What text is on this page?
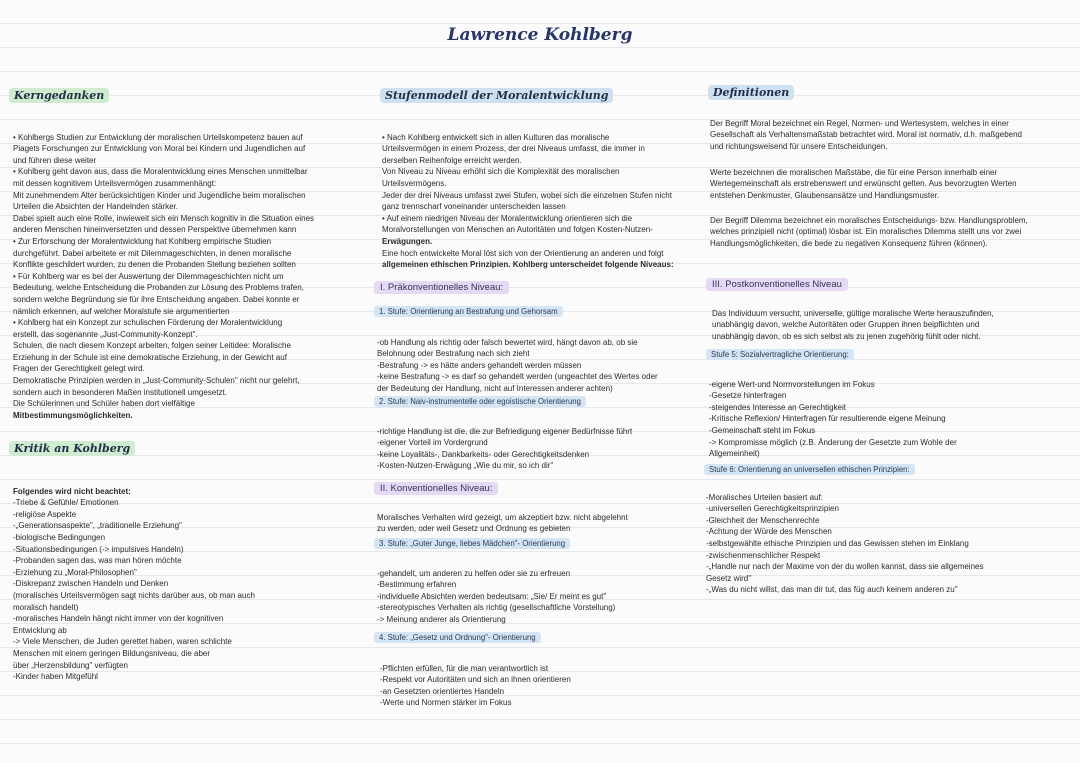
Lawrence Kohlberg
Kerngedanken

• Kohlbergs Studien zur Entwicklung der moralischen Urteilskompetenz bauen auf
Piagets Forschungen zur Entwicklung von Moral bei Kindern und Jugendlichen auf
und führen diese weiter
• Kohlberg geht davon aus, dass die Moralentwicklung eines Menschen unmittelbar
mit dessen kognitivem Urteilsvermögen zusammenhängt:
Mit zunehmendem Alter berücksichtigen Kinder und Jugendliche beim moralischen
Urteilen die Absichten der Handelnden stärker.
Dabei spielt auch eine Rolle, inwieweit sich ein Mensch kognitiv in die Situation eines
anderen Menschen hineinversetzten und dessen Perspektive übernehmen kann
• Zur Erforschung der Moralentwicklung hat Kohlberg empirische Studien
durchgeführt. Dabei arbeitete er mit Dilemmageschichten, in denen moralische
Konflikte geschildert wurden, zu denen die Probanden Stellung beziehen sollten
• Für Kohlberg war es bei der Auswertung der Dilemmageschichten nicht um
Bedeutung, welche Entscheidung die Probanden zur Lösung des Problems trafen,
sondern welche Begründung sie für ihre Entscheidung angaben. Dabei konnte er
nämlich erkennen, auf welcher Moralstufe sie argumentierten
• Kohlberg hat ein Konzept zur schulischen Förderung der Moralentwicklung
erstellt, das sogenannte „Just-Community-Konzept".
Schulen, die nach diesem Konzept arbeiten, folgen seiner Leitidee: Moralische
Erziehung in der Schule ist eine demokratische Erziehung, in der Gewicht auf
Fragen der Gerechtigkeit gelegt wird.
Demokratische Prinzipien werden in „Just-Community-Schulen" nicht nur gelehrt,
sondern auch in besonderen Maßen institutionell umgesetzt.
Die Schülerinnen und Schüler haben dort vielfältige
Mitbestimmungsmöglichkeiten.

Kritik an Kohlberg

Folgendes wird nicht beachtet:
-Triebe & Gefühle/ Emotionen
-religiöse Aspekte
-„Generationsaspekte", „traditionelle Erziehung"
-biologische Bedingungen
-Situationsbedingungen (-> impulsives Handeln)
-Probanden sagen das, was man hören möchte
-Erziehung zu „Moral-Philosophen"
-Diskrepanz zwischen Handeln und Denken
(moralisches Urteilsvermögen sagt nichts darüber aus, ob man auch
moralisch handelt)
-moralisches Handeln hängt nicht immer von der kognitiven
Entwicklung ab
-> Viele Menschen, die Juden gerettet haben, waren schlichte
Menschen mit einem geringen Bildungsniveau, die aber
über „Herzensbildung" verfügten
-Kinder haben Mitgefühl

Stufenmodell der Moralentwicklung

• Nach Kohlberg entwickelt sich in allen Kulturen das moralische
Urteilsvermögen in einem Prozess, der drei Niveaus umfasst, die immer in
derselben Reihenfolge erreicht werden.
Von Niveau zu Niveau erhöht sich die Komplexität des moralischen
Urteilsvermögens.
Jeder der drei Niveaus umfasst zwei Stufen, wobei sich die einzelnen Stufen nicht
ganz trennscharf voneinander unterscheiden lassen
• Auf einem niedrigen Niveau der Moralentwicklung orientieren sich die
Moralvorstellungen von Menschen an Autoritäten und folgen Kosten-Nutzen-
Erwägungen.
Eine hoch entwickelte Moral löst sich von der Orientierung an anderen und folgt
allgemeinen ethischen Prinzipien. Kohlberg unterscheidet folgende Niveaus:

I. Präkonventionelles Niveau:
1. Stufe: Orientierung an Bestrafung und Gehorsam

-ob Handlung als richtig oder falsch bewertet wird, hängt davon ab, ob sie
Belohnung oder Bestrafung nach sich zieht
-Bestrafung -> es hätte anders gehandelt werden müssen
-keine Bestrafung -> es darf so gehandelt werden (ungeachtet des Wertes oder
der Bedeutung der Handlung, nicht auf Interessen anderer achten)

2. Stufe: Naiv-instrumentelle oder egoistische Orientierung

-richtige Handlung ist die, die zur Befriedigung eigener Bedürfnisse führt
-eigener Vorteil im Vordergrund
-keine Loyalitäts-, Dankbarkeits- oder Gerechtigkeitsdenken
-Kosten-Nutzen-Erwägung „Wie du mir, so ich dir"

II. Konventionelles Niveau:

Moralisches Verhalten wird gezeigt, um akzeptiert bzw. nicht abgelehnt
zu werden, oder weil Gesetz und Ordnung es gebieten

3. Stufe: „Guter Junge, liebes Mädchen"- Orientierung

-gehandelt, um anderen zu helfen oder sie zu erfreuen
-Bestimmung erfahren
-individuelle Absichten werden bedeutsam: „Sie/ Er meint es gut"
-stereotypisches Verhalten als richtig (gesellschaftliche Vorstellung)
-> Meinung anderer als Orientierung

4. Stufe: „Gesetz und Ordnung"- Orientierung

-Pflichten erfüllen, für die man verantwortlich ist
-Respekt vor Autoritäten und sich an ihnen orientieren
-an Gesetzten orientiertes Handeln
-Werte und Normen stärker im Fokus

Definitionen

Der Begriff Moral bezeichnet ein Regel, Normen- und Wertesystem, welches in einer
Gesellschaft als Verhaltensmaßstab betrachtet wird. Moral ist normativ, d.h. maßgebend
und richtungsweisend für unsere Entscheidungen.

Werte bezeichnen die moralischen Maßstäbe, die für eine Person innerhalb einer
Wertegemeinschaft als erstrebenswert und erwünscht gelten. Aus bevorzugten Werten
entstehen Denkmuster, Glaubensansätze und Handlungsmuster.

Der Begriff Dilemma bezeichnet ein moralisches Entscheidungs- bzw. Handlungsproblem,
welches prinzipiell nicht (optimal) lösbar ist. Ein moralisches Dilemma stellt uns vor zwei
Handlungsmöglichkeiten, die bede zu negativen Konsequenz führen (können).

III. Postkonventionelles Niveau

Das Individuum versucht, universelle, gültige moralische Werte herauszufinden,
unabhängig davon, welche Autoritäten oder Gruppen ihnen beipflichten und
unabhängig davon, ob es sich selbst als zu jenen zugehörig fühlt oder nicht.

Stufe 5: Sozialvertragliche Orientierung:

-eigene Wert-und Normvorstellungen im Fokus
-Gesetze hinterfragen
-steigendes Interesse an Gerechtigkeit
-Kritische Reflexion/ Hinterfragen für resultierende eigene Meinung
-Gemeinschaft steht im Fokus
-> Kompromisse möglich (z.B. Änderung der Gesetzte zum Wohle der
Allgemeinheit)

Stufe 6: Orientierung an universellen ethischen Prinzipien:

-Moralisches Urteilen basiert auf:
-universellen Gerechtigkeitsprinzipien
-Gleichheit der Menschenrechte
-Achtung der Würde des Menschen
-selbstgewählte ethische Prinzipien und das Gewissen stehen im Einklang
-zwischenmenschlicher Respekt
-„Handle nur nach der Maxime von der du wollen kannst, dass sie allgemeines
Gesetz wird"
-„Was du nicht willst, das man dir tut, das füg auch keinem anderen zu"
